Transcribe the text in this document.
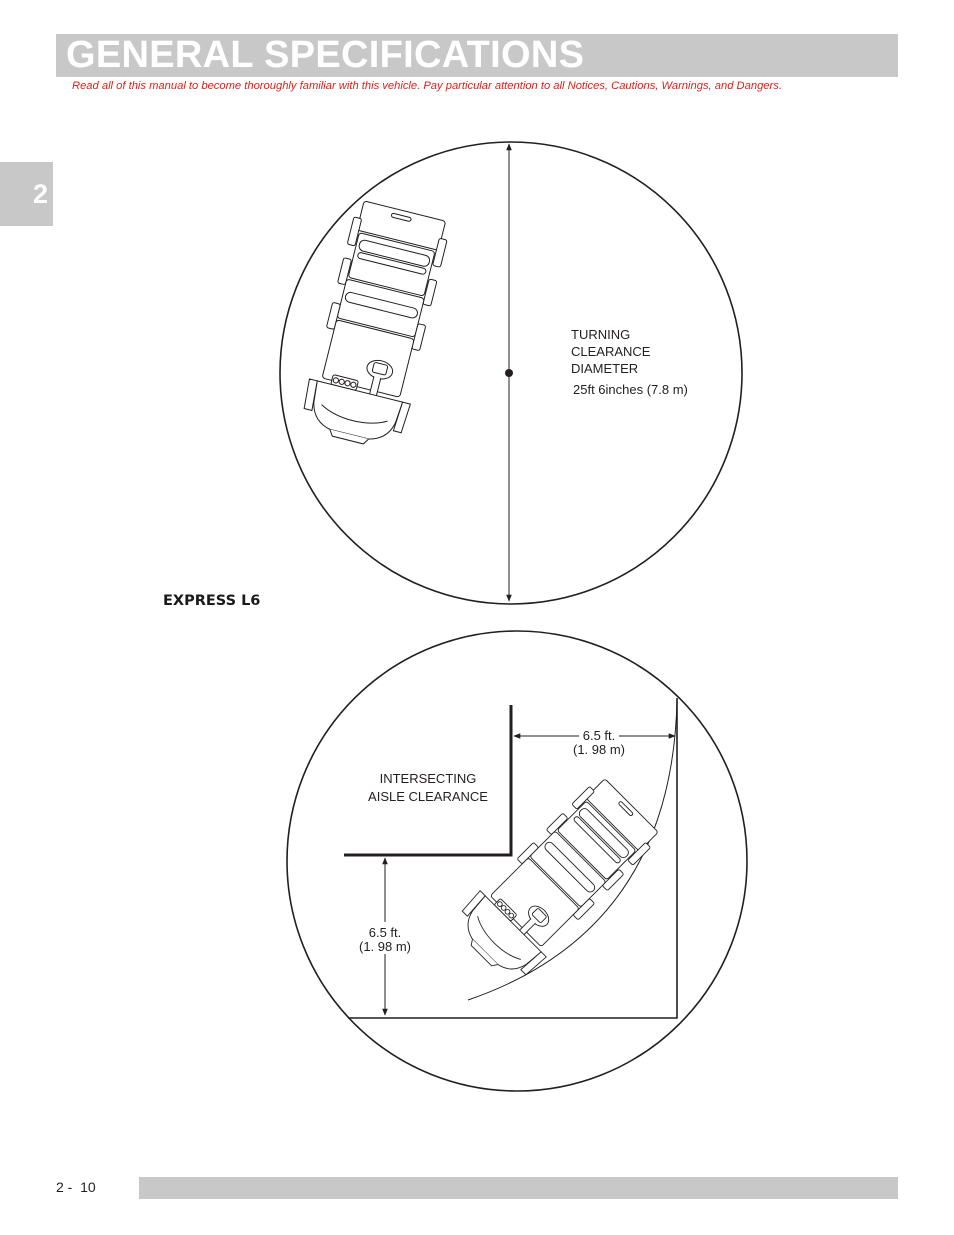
GENERAL SPECIFICATIONS
Read all of this manual to become thoroughly familiar with this vehicle. Pay particular attention to all Notices, Cautions, Warnings, and Dangers.
2
TURNING
CLEARANCE
DIAMETER
25ft 6inches (7.8 m)
INTERSECTING
AISLE CLEARANCE
6.5 ft.
(1. 98 m)
6.5 ft.
(1. 98 m)
EXPRESS L6
2 -  10
